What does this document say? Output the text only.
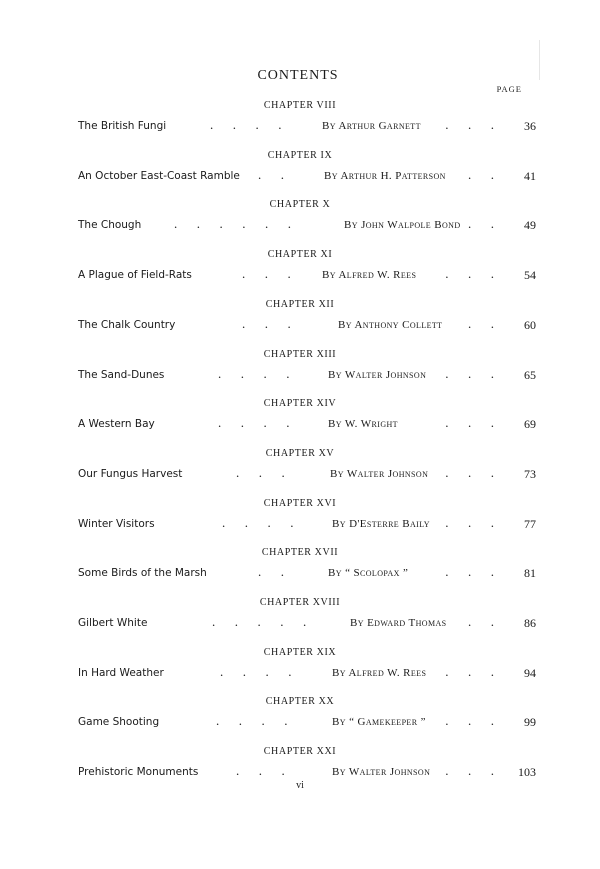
CONTENTS
PAGE
CHAPTER VIII
The British Fungi	.  .  .  .	By Arthur Garnett .  .  .	36
CHAPTER IX
An October East-Coast Ramble .  .	By Arthur H. Patterson .  .	41
CHAPTER X
The Chough	.  .  .  .  .  .	By John Walpole Bond .  .	49
CHAPTER XI
A Plague of Field-Rats	.  .  .	By Alfred W. Rees .  .  .	54
CHAPTER XII
The Chalk Country	.  .  .	By Anthony Collett .  .	60
CHAPTER XIII
The Sand-Dunes	.  .  .  .	By Walter Johnson .  .  .	65
CHAPTER XIV
A Western Bay	.  .  .  .	By W. Wright	.  .  .	69
CHAPTER XV
Our Fungus Harvest	.  .  .	By Walter Johnson .  .  .	73
CHAPTER XVI
Winter Visitors	.  .  .  .	By D'Esterre Baily .  .  .	77
CHAPTER XVII
Some Birds of the Marsh	.  .	By “ Scolopax ”	.  .  .	81
CHAPTER XVIII
Gilbert White	.  .  .  .  .	By Edward Thomas .  .	86
CHAPTER XIX
In Hard Weather	.  .  .  .	By Alfred W. Rees .  .  .	94
CHAPTER XX
Game Shooting	.  .  .  .	By “ Gamekeeper ” .  .  .	99
CHAPTER XXI
Prehistoric Monuments	.  .  .	By Walter Johnson .  .  . 103
vi
